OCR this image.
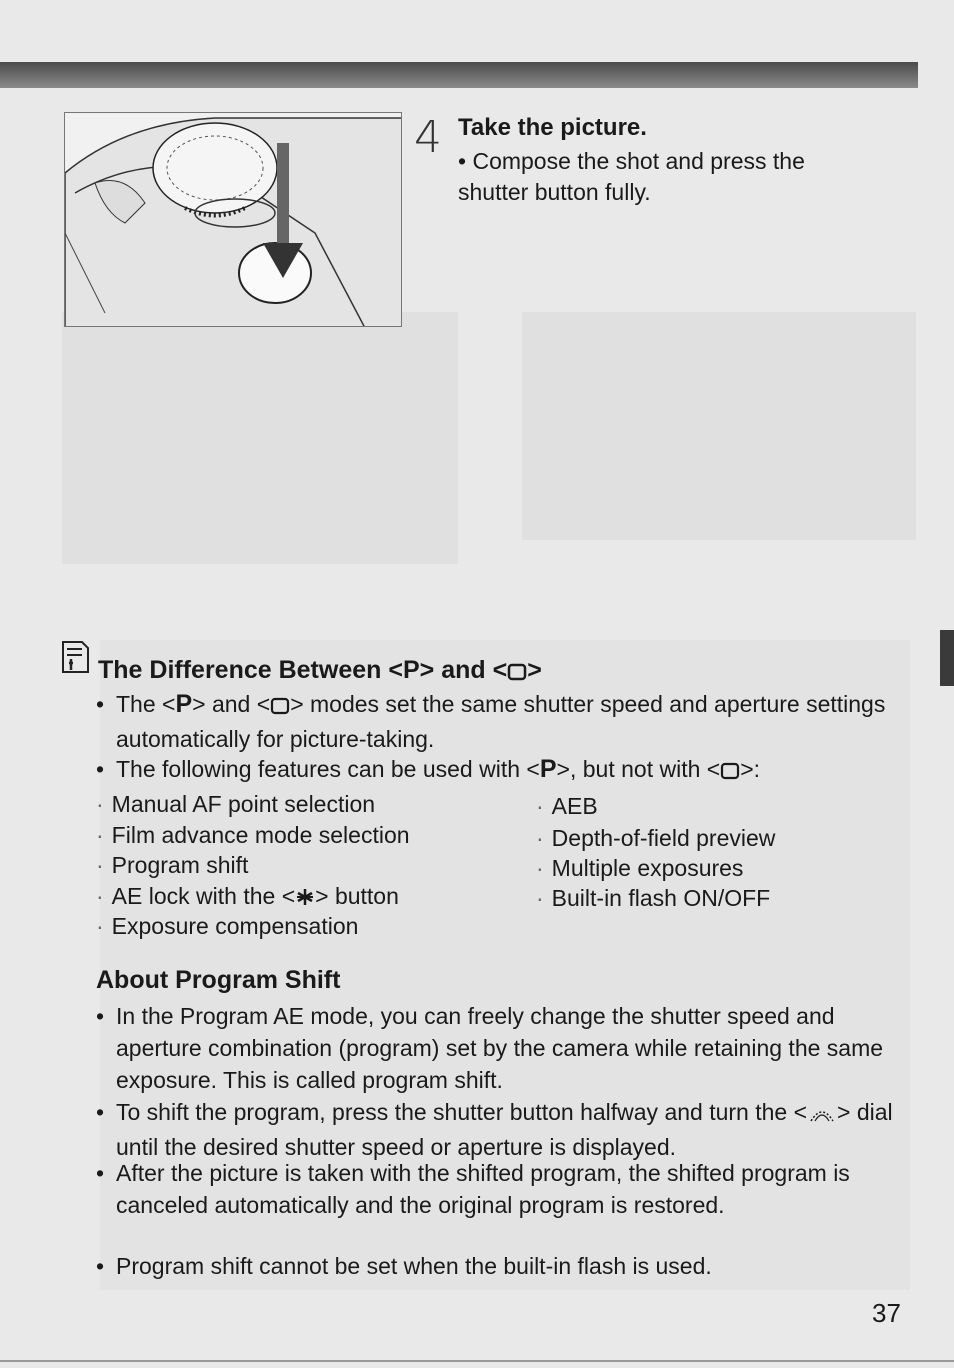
4 Take the picture.
• Compose the shot and press the shutter button fully.
The Difference Between <P> and < >
• The <P> and < > modes set the same shutter speed and aperture settings automatically for picture-taking.
• The following features can be used with <P>, but not with < >:
· Manual AF point selection
· Film advance mode selection
· Program shift
· AE lock with the < > button
· Exposure compensation
· AEB
· Depth-of-field preview
· Multiple exposures
· Built-in flash ON/OFF
About Program Shift
• In the Program AE mode, you can freely change the shutter speed and aperture combination (program) set by the camera while retaining the same exposure. This is called program shift.
• To shift the program, press the shutter button halfway and turn the < > dial until the desired shutter speed or aperture is displayed.
• After the picture is taken with the shifted program, the shifted program is canceled automatically and the original program is restored.
• Program shift cannot be set when the built-in flash is used.
37
